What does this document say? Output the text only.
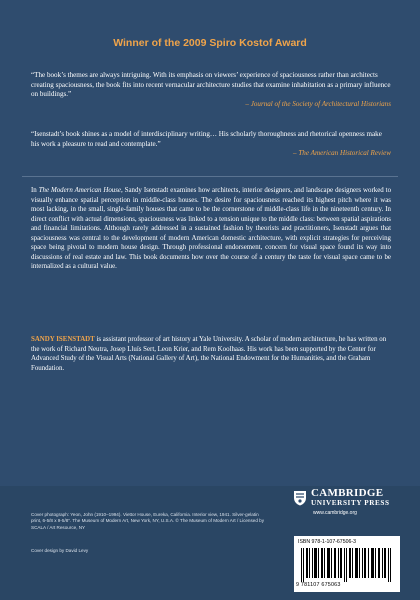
Winner of the 2009 Spiro Kostof Award
“The book’s themes are always intriguing. With its emphasis on viewers’ experience of spaciousness rather than architects creating spaciousness, the book fits into recent vernacular architecture studies that examine inhabitation as a primary influence on buildings.”
– Journal of the Society of Architectural Historians
“Isenstadt’s book shines as a model of interdisciplinary writing… His scholarly thoroughness and rhetorical openness make his work a pleasure to read and contemplate.”
– The American Historical Review
In The Modern American House, Sandy Isenstadt examines how architects, interior designers, and landscape designers worked to visually enhance spatial perception in middle-class houses. The desire for spaciousness reached its highest pitch where it was most lacking, in the small, single-family houses that came to be the cornerstone of middle-class life in the nineteenth century. In direct conflict with actual dimensions, spaciousness was linked to a tension unique to the middle class: between spatial aspirations and financial limitations. Although rarely addressed in a sustained fashion by theorists and practitioners, Isenstadt argues that spaciousness was central to the development of modern American domestic architecture, with explicit strategies for perceiving space being pivotal to modern house design. Through professional endorsement, concern for visual space found its way into discussions of real estate and law. This book documents how over the course of a century the taste for visual space came to be internalized as a cultural value.
SANDY ISENSTADT is assistant professor of art history at Yale University. A scholar of modern architecture, he has written on the work of Richard Neutra, Josep Lluís Sert, Leon Krier, and Rem Koolhaas. His work has been supported by the Center for Advanced Study of the Visual Arts (National Gallery of Art), the National Endowment for the Humanities, and the Graham Foundation.
Cover photograph: Yeon, John (1910–1994). Viettor House, Eureka, California. Interior view, 1941. Silver-gelatin print, 6-5/8 x 9-5/8″. The Museum of Modern Art, New York, NY, U.S.A. © The Museum of Modern Art / Licensed by SCALA / Art Resource, NY
Cover design by David Levy
CAMBRIDGE
UNIVERSITY PRESS
www.cambridge.org
ISBN 978-1-107-67506-3
9 781107 675063
